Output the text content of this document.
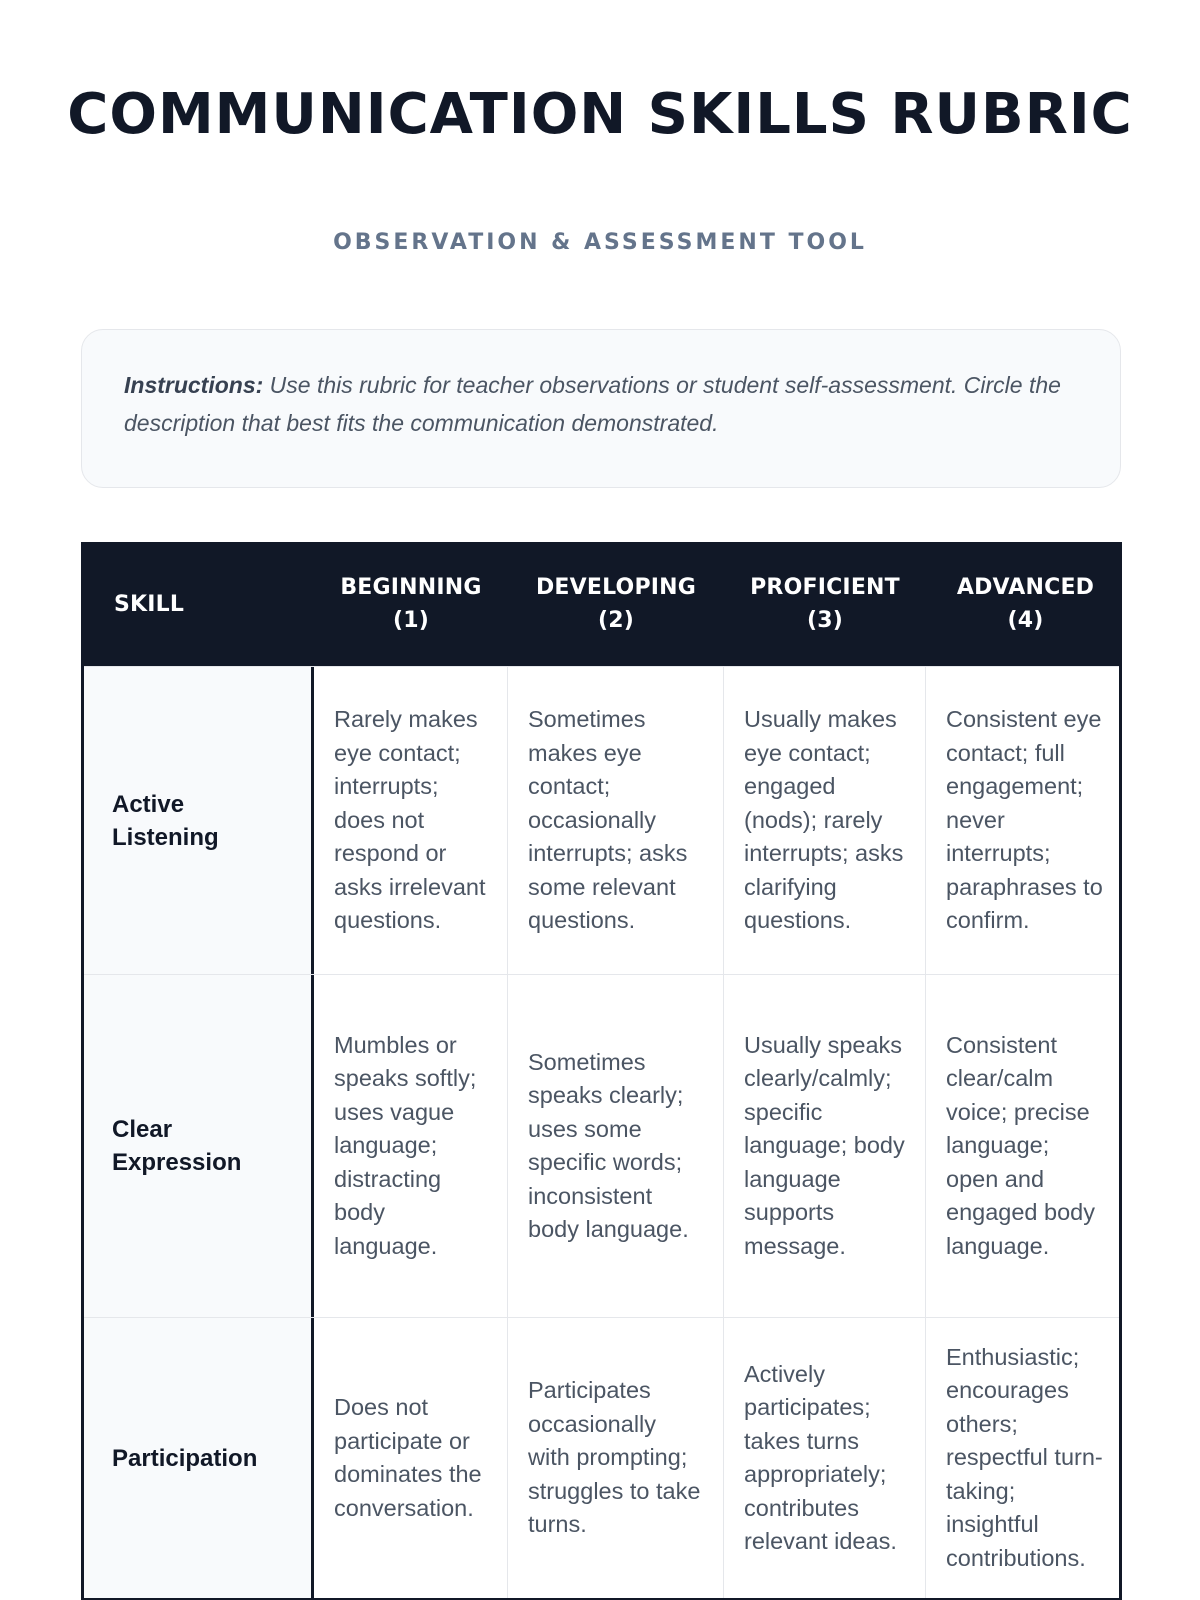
COMMUNICATION SKILLS RUBRIC
OBSERVATION & ASSESSMENT TOOL
Instructions: Use this rubric for teacher observations or student self-assessment. Circle the description that best fits the communication demonstrated.
SKILL
BEGINNING
(1)
DEVELOPING
(2)
PROFICIENT
(3)
ADVANCED
(4)
Active Listening
Rarely makes eye contact; interrupts; does not respond or asks irrelevant questions.
Sometimes makes eye contact; occasionally interrupts; asks some relevant questions.
Usually makes eye contact; engaged (nods); rarely interrupts; asks clarifying questions.
Consistent eye contact; full engagement; never interrupts; paraphrases to confirm.
Clear Expression
Mumbles or speaks softly; uses vague language; distracting body language.
Sometimes speaks clearly; uses some specific words; inconsistent body language.
Usually speaks clearly/calmly; specific language; body language supports message.
Consistent clear/calm voice; precise language; open and engaged body language.
Participation
Does not participate or dominates the conversation.
Participates occasionally with prompting; struggles to take turns.
Actively participates; takes turns appropriately; contributes relevant ideas.
Enthusiastic; encourages others; respectful turn-taking; insightful contributions.
